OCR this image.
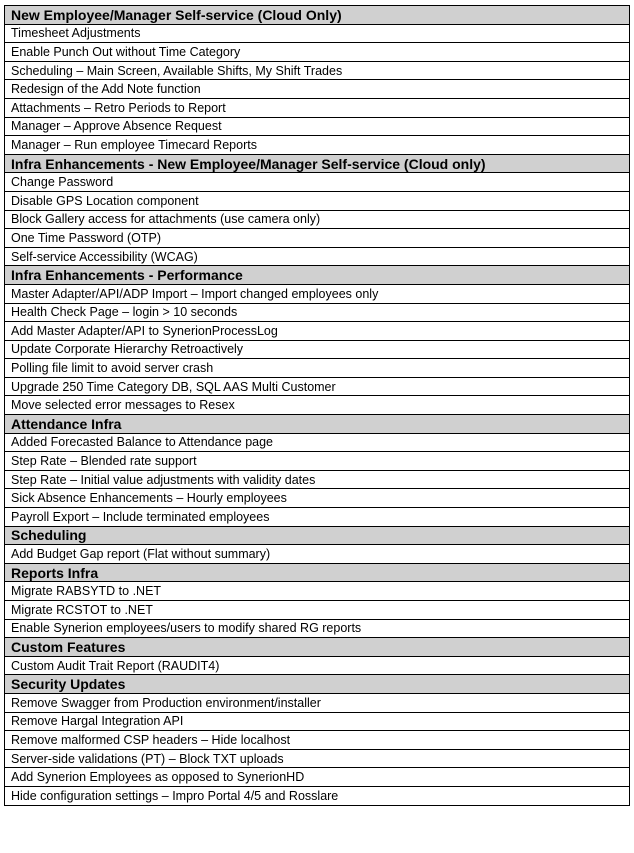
New Employee/Manager Self-service (Cloud Only)
Timesheet Adjustments
Enable Punch Out without Time Category
Scheduling – Main Screen, Available Shifts, My Shift Trades
Redesign of the Add Note function
Attachments – Retro Periods to Report
Manager – Approve Absence Request
Manager – Run employee Timecard Reports
Infra Enhancements - New Employee/Manager Self-service (Cloud only)
Change Password
Disable GPS Location component
Block Gallery access for attachments (use camera only)
One Time Password (OTP)
Self-service Accessibility (WCAG)
Infra Enhancements - Performance
Master Adapter/API/ADP Import – Import changed employees only
Health Check Page – login > 10 seconds
Add Master Adapter/API to SynerionProcessLog
Update Corporate Hierarchy Retroactively
Polling file limit to avoid server crash
Upgrade 250 Time Category DB, SQL AAS Multi Customer
Move selected error messages to Resex
Attendance Infra
Added Forecasted Balance to Attendance page
Step Rate – Blended rate support
Step Rate – Initial value adjustments with validity dates
Sick Absence Enhancements – Hourly employees
Payroll Export – Include terminated employees
Scheduling
Add Budget Gap report (Flat without summary)
Reports Infra
Migrate RABSYTD to .NET
Migrate RCSTOT to .NET
Enable Synerion employees/users to modify shared RG reports
Custom Features
Custom Audit Trait Report (RAUDIT4)
Security Updates
Remove Swagger from Production environment/installer
Remove Hargal Integration API
Remove malformed CSP headers – Hide localhost
Server-side validations (PT) – Block TXT uploads
Add Synerion Employees as opposed to SynerionHD
Hide configuration settings – Impro Portal 4/5 and Rosslare
